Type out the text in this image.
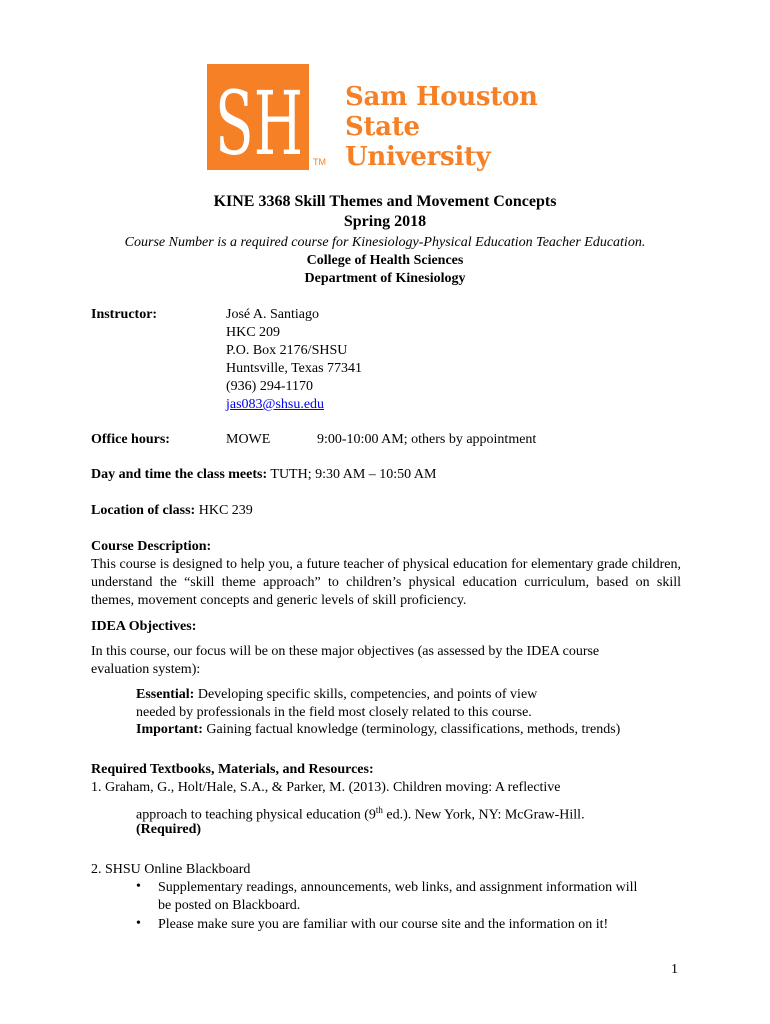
SH TM
Sam Houston
State University
KINE 3368 Skill Themes and Movement Concepts
Spring 2018
Course Number is a required course for Kinesiology-Physical Education Teacher Education.
College of Health Sciences
Department of Kinesiology
Instructor:	José A. Santiago
HKC 209
P.O. Box 2176/SHSU
Huntsville, Texas 77341
(936) 294-1170
jas083@shsu.edu
Office hours:	MOWE	9:00-10:00 AM; others by appointment
Day and time the class meets: TUTH; 9:30 AM – 10:50 AM
Location of class: HKC 239
Course Description:
This course is designed to help you, a future teacher of physical education for elementary grade children, understand the “skill theme approach” to children’s physical education curriculum, based on skill themes, movement concepts and generic levels of skill proficiency.
IDEA Objectives:
In this course, our focus will be on these major objectives (as assessed by the IDEA course evaluation system):
Essential: Developing specific skills, competencies, and points of view
needed by professionals in the field most closely related to this course.
Important: Gaining factual knowledge (terminology, classifications, methods, trends)
Required Textbooks, Materials, and Resources:
1. Graham, G., Holt/Hale, S.A., & Parker, M. (2013). Children moving: A reflective
approach to teaching physical education (9th ed.). New York, NY: McGraw-Hill.
(Required)
2. SHSU Online Blackboard
• Supplementary readings, announcements, web links, and assignment information will
be posted on Blackboard.
• Please make sure you are familiar with our course site and the information on it!
1
